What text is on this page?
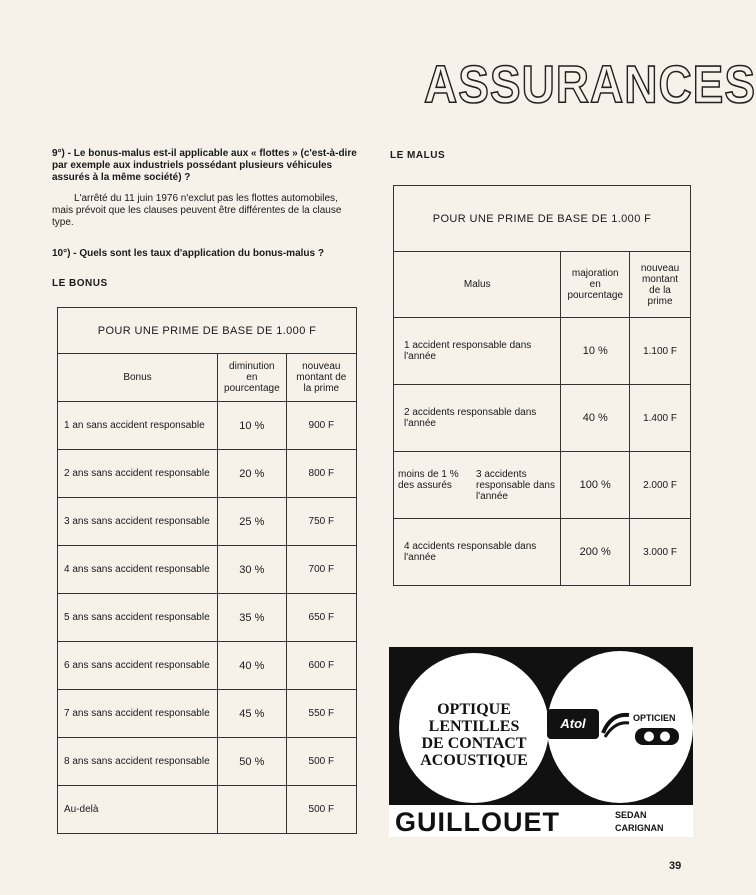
ASSURANCES
9°) - Le bonus-malus est-il applicable aux « flottes » (c'est-à-dire par exemple aux industriels possédant plusieurs véhicules assurés à la même société) ?
L'arrêté du 11 juin 1976 n'exclut pas les flottes automobiles, mais prévoit que les clauses peuvent être différentes de la clause type.
10°) - Quels sont les taux d'application du bonus-malus ?
LE BONUS
POUR UNE PRIME DE BASE DE 1.000 F		
Bonus	diminution en pourcentage	nouveau montant de la prime
1 an sans accident responsable	10 %	900 F
2 ans sans accident responsable	20 %	800 F
3 ans sans accident responsable	25 %	750 F
4 ans sans accident responsable	30 %	700 F
5 ans sans accident responsable	35 %	650 F
6 ans sans accident responsable	40 %	600 F
7 ans sans accident responsable	45 %	550 F
8 ans sans accident responsable	50 %	500 F
Au-delà		500 F
LE MALUS
POUR UNE PRIME DE BASE DE 1.000 F		
Malus	majoration en pourcentage	nouveau montant de la prime
1 accident responsable dans l'année	10 %	1.100 F
2 accidents responsable dans l'année	40 %	1.400 F

moins de 1 % des assurés
3 accidents responsable dans l'année	100 %	2.000 F
4 accidents responsable dans l'année	200 %	3.000 F
OPTIQUE
LENTILLES
DE CONTACT
ACOUSTIQUE
Atol	OPTICIEN
GUILLOUET	SEDAN
CARIGNAN
39
